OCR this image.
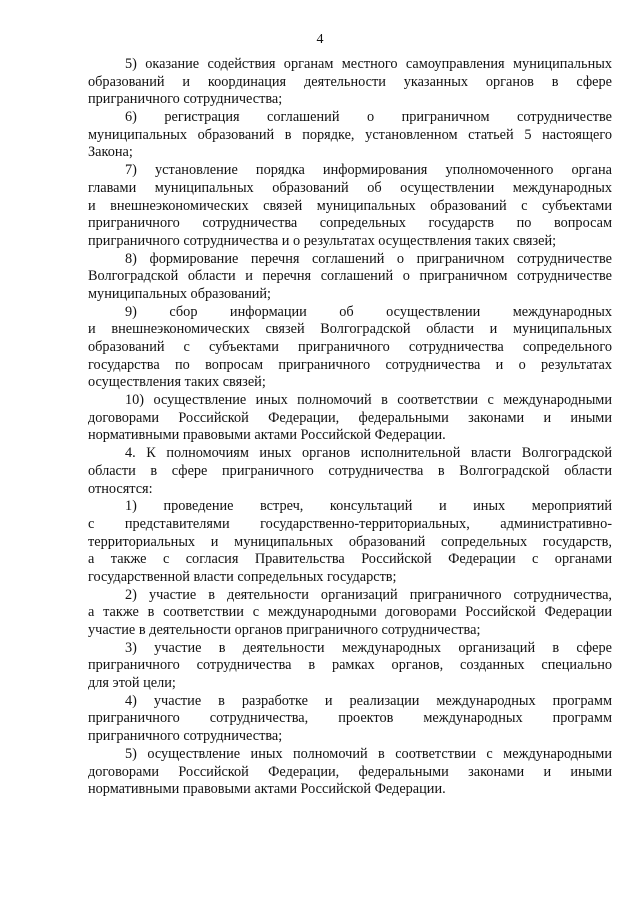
4
5) оказание содействия органам местного самоуправления муниципальных
образований и координация деятельности указанных органов в сфере
приграничного сотрудничества;
6) регистрация соглашений о приграничном сотрудничестве
муниципальных образований в порядке, установленном статьей 5 настоящего
Закона;
7) установление порядка информирования уполномоченного органа
главами муниципальных образований об осуществлении международных
и внешнеэкономических связей муниципальных образований с субъектами
приграничного сотрудничества сопредельных государств по вопросам
приграничного сотрудничества и о результатах осуществления таких связей;
8) формирование перечня соглашений о приграничном сотрудничестве
Волгоградской области и перечня соглашений о приграничном сотрудничестве
муниципальных образований;
9) сбор информации об осуществлении международных
и внешнеэкономических связей Волгоградской области и муниципальных
образований с субъектами приграничного сотрудничества сопредельного
государства по вопросам приграничного сотрудничества и о результатах
осуществления таких связей;
10) осуществление иных полномочий в соответствии с международными
договорами Российской Федерации, федеральными законами и иными
нормативными правовыми актами Российской Федерации.
4. К полномочиям иных органов исполнительной власти Волгоградской
области в сфере приграничного сотрудничества в Волгоградской области
относятся:
1) проведение встреч, консультаций и иных мероприятий
с представителями государственно-территориальных, административно-
территориальных и муниципальных образований сопредельных государств,
а также с согласия Правительства Российской Федерации с органами
государственной власти сопредельных государств;
2) участие в деятельности организаций приграничного сотрудничества,
а также в соответствии с международными договорами Российской Федерации
участие в деятельности органов приграничного сотрудничества;
3) участие в деятельности международных организаций в сфере
приграничного сотрудничества в рамках органов, созданных специально
для этой цели;
4) участие в разработке и реализации международных программ
приграничного сотрудничества, проектов международных программ
приграничного сотрудничества;
5) осуществление иных полномочий в соответствии с международными
договорами Российской Федерации, федеральными законами и иными
нормативными правовыми актами Российской Федерации.
